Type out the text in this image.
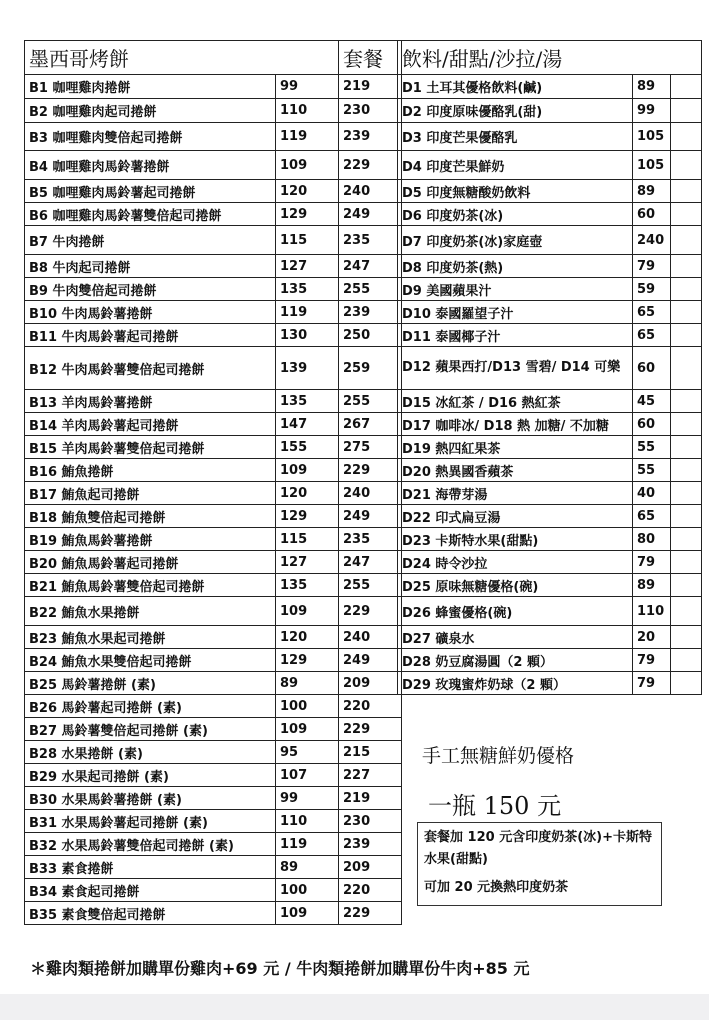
墨西哥烤餅		套餐
B1 咖哩雞肉捲餅	99	219
B2 咖哩雞肉起司捲餅	110	230
B3 咖哩雞肉雙倍起司捲餅	119	239
B4 咖哩雞肉馬鈴薯捲餅	109	229
B5 咖哩雞肉馬鈴薯起司捲餅	120	240
B6 咖哩雞肉馬鈴薯雙倍起司捲餅	129	249
B7 牛肉捲餅	115	235
B8 牛肉起司捲餅	127	247
B9 牛肉雙倍起司捲餅	135	255
B10 牛肉馬鈴薯捲餅	119	239
B11 牛肉馬鈴薯起司捲餅	130	250
B12 牛肉馬鈴薯雙倍起司捲餅	139	259
B13 羊肉馬鈴薯捲餅	135	255
B14 羊肉馬鈴薯起司捲餅	147	267
B15 羊肉馬鈴薯雙倍起司捲餅	155	275
B16 鮪魚捲餅	109	229
B17 鮪魚起司捲餅	120	240
B18 鮪魚雙倍起司捲餅	129	249
B19 鮪魚馬鈴薯捲餅	115	235
B20 鮪魚馬鈴薯起司捲餅	127	247
B21 鮪魚馬鈴薯雙倍起司捲餅	135	255
B22 鮪魚水果捲餅	109	229
B23 鮪魚水果起司捲餅	120	240
B24 鮪魚水果雙倍起司捲餅	129	249
B25 馬鈴薯捲餅 (素)	89	209
B26 馬鈴薯起司捲餅 (素)	100	220
B27 馬鈴薯雙倍起司捲餅 (素)	109	229
B28 水果捲餅 (素)	95	215
B29 水果起司捲餅 (素)	107	227
B30 水果馬鈴薯捲餅 (素)	99	219
B31 水果馬鈴薯起司捲餅 (素)	110	230
B32 水果馬鈴薯雙倍起司捲餅 (素)	119	239
B33 素食捲餅	89	209
B34 素食起司捲餅	100	220
B35 素食雙倍起司捲餅	109	229
飲料/甜點/沙拉/湯		
D1 土耳其優格飲料(鹹)	89	
D2 印度原味優酪乳(甜)	99	
D3 印度芒果優酪乳	105	
D4 印度芒果鮮奶	105	
D5 印度無糖酸奶飲料	89	
D6 印度奶茶(冰)	60	
D7 印度奶茶(冰)家庭壺	240	
D8 印度奶茶(熱)	79	
D9 美國蘋果汁	59	
D10 泰國羅望子汁	65	
D11 泰國椰子汁	65	
D12 蘋果西打/D13 雪碧/ D14 可樂	60	
D15 冰紅茶 / D16 熱紅茶	45	
D17 咖啡冰/ D18 熱 加糖/ 不加糖	60	
D19 熱四紅果茶	55	
D20 熱異國香蘋茶	55	
D21 海帶芽湯	40	
D22 印式扁豆湯	65	
D23 卡斯特水果(甜點)	80	
D24 時令沙拉	79	
D25 原味無糖優格(碗)	89	
D26 蜂蜜優格(碗)	110	
D27 礦泉水	20	
D28 奶豆腐湯圓（2 顆）	79	
D29 玫瑰蜜炸奶球（2 顆）	79	
手工無糖鮮奶優格
一瓶 150 元

套餐加 120 元含印度奶茶(冰)+卡斯特水果(甜點)

可加 20 元換熱印度奶茶

＊雞肉類捲餅加購單份雞肉+69 元 / 牛肉類捲餅加購單份牛肉+85 元
